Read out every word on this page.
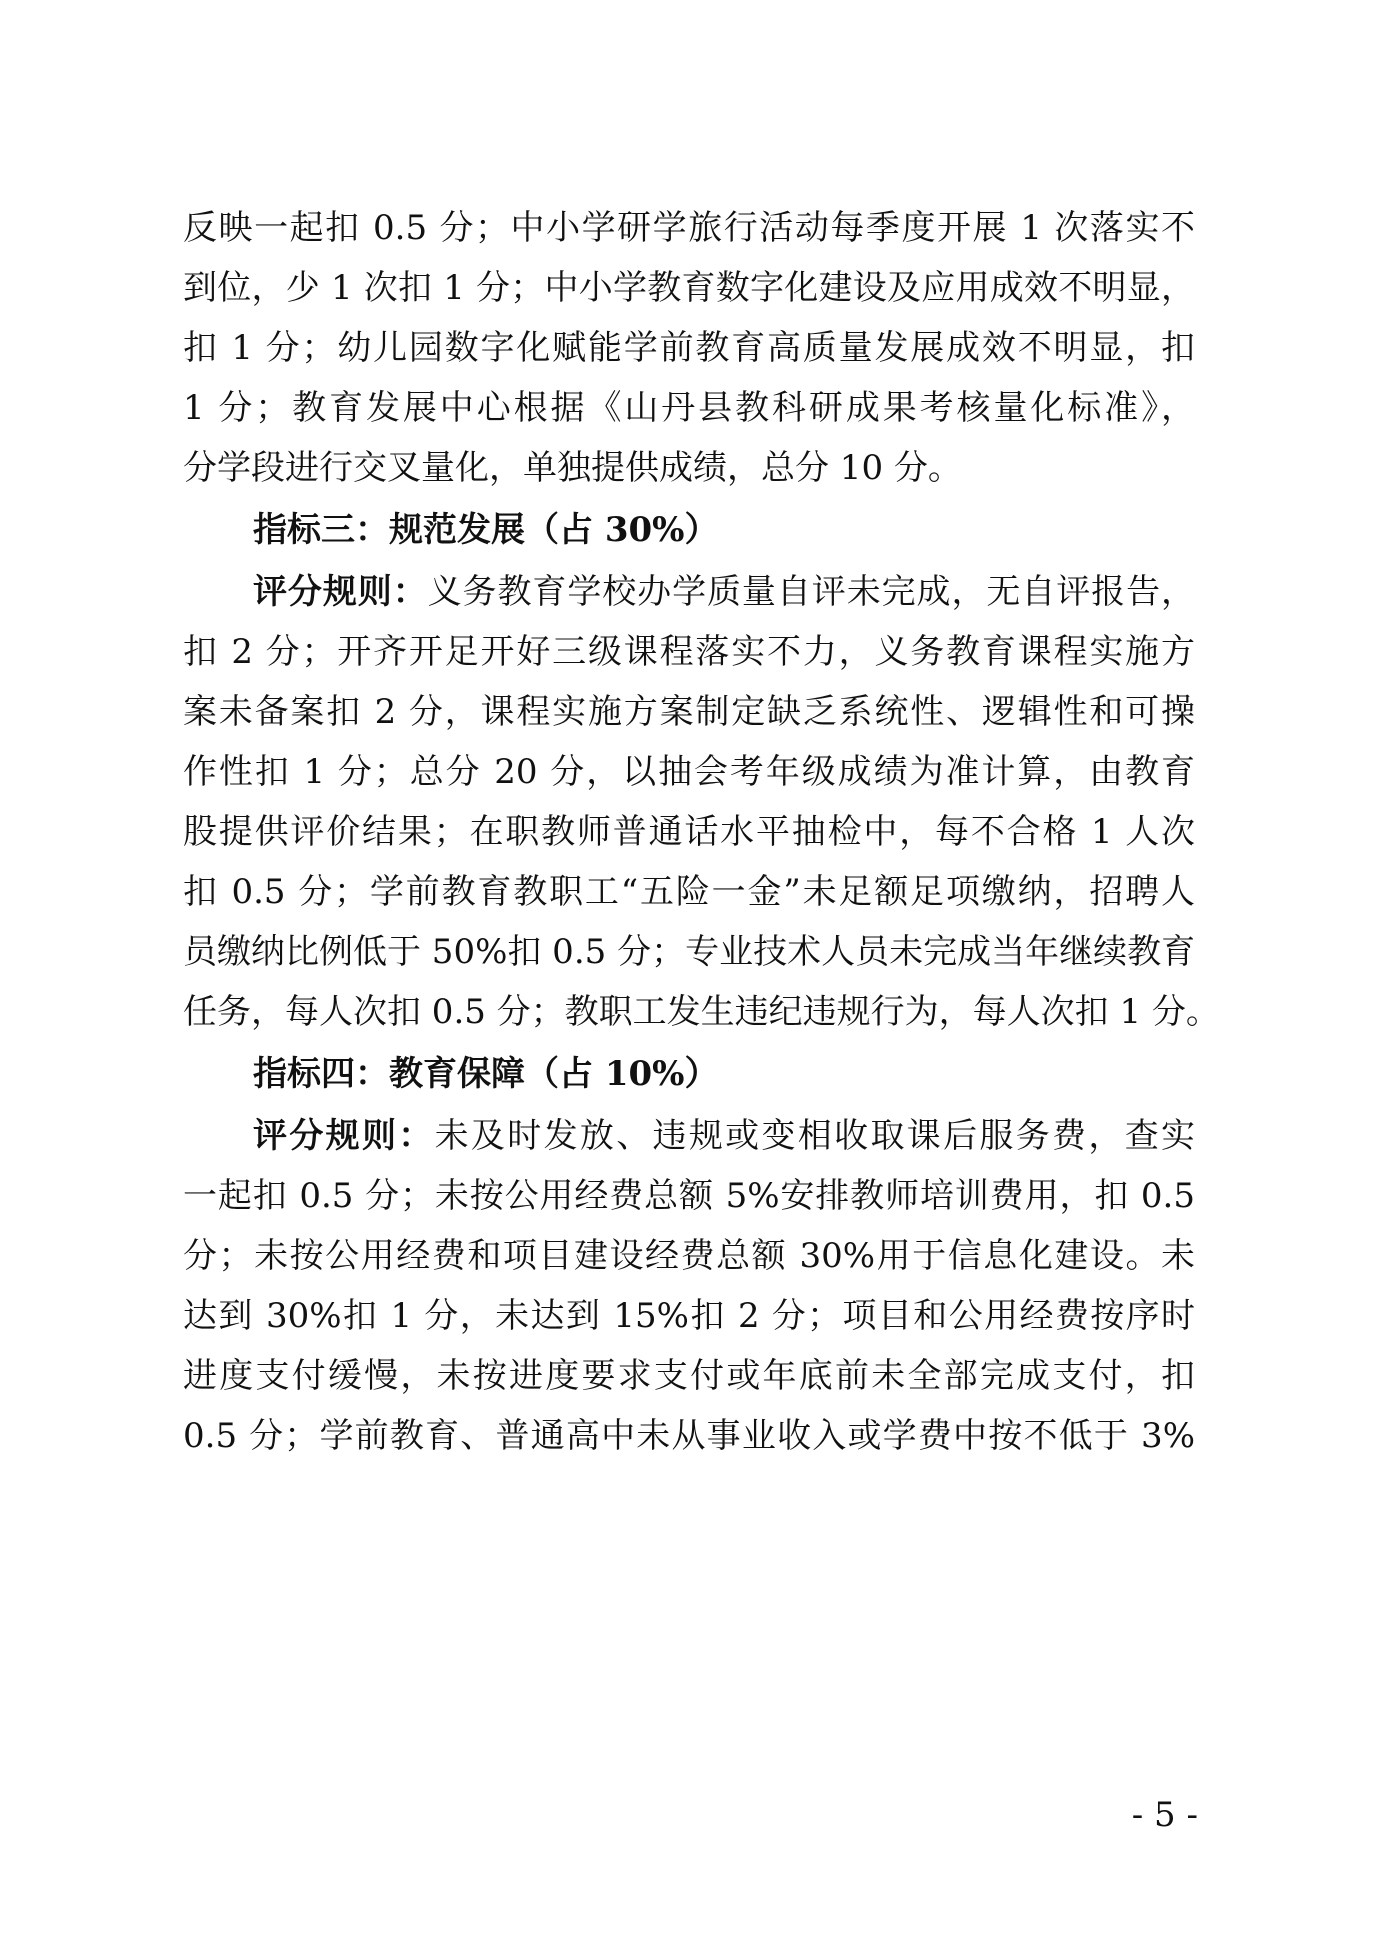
反映一起扣 0.5 分；中小学研学旅行活动每季度开展 1 次落实不
到位，少 1 次扣 1 分；中小学教育数字化建设及应用成效不明显，
扣 1 分；幼儿园数字化赋能学前教育高质量发展成效不明显，扣
1 分；教育发展中心根据《山丹县教科研成果考核量化标准》，
分学段进行交叉量化，单独提供成绩，总分 10 分。
指标三：规范发展（占 30%）
评分规则：义务教育学校办学质量自评未完成，无自评报告，
扣 2 分；开齐开足开好三级课程落实不力，义务教育课程实施方
案未备案扣 2 分，课程实施方案制定缺乏系统性、逻辑性和可操
作性扣 1 分；总分 20 分，以抽会考年级成绩为准计算，由教育
股提供评价结果；在职教师普通话水平抽检中，每不合格 1 人次
扣 0.5 分；学前教育教职工“五险一金”未足额足项缴纳，招聘人
员缴纳比例低于 50%扣 0.5 分；专业技术人员未完成当年继续教育
任务，每人次扣 0.5 分；教职工发生违纪违规行为，每人次扣 1 分。
指标四：教育保障（占 10%）
评分规则：未及时发放、违规或变相收取课后服务费，查实
一起扣 0.5 分；未按公用经费总额 5%安排教师培训费用，扣 0.5
分；未按公用经费和项目建设经费总额 30%用于信息化建设。未
达到 30%扣 1 分，未达到 15%扣 2 分；项目和公用经费按序时
进度支付缓慢，未按进度要求支付或年底前未全部完成支付，扣
0.5 分；学前教育、普通高中未从事业收入或学费中按不低于 3%
- 5 -
